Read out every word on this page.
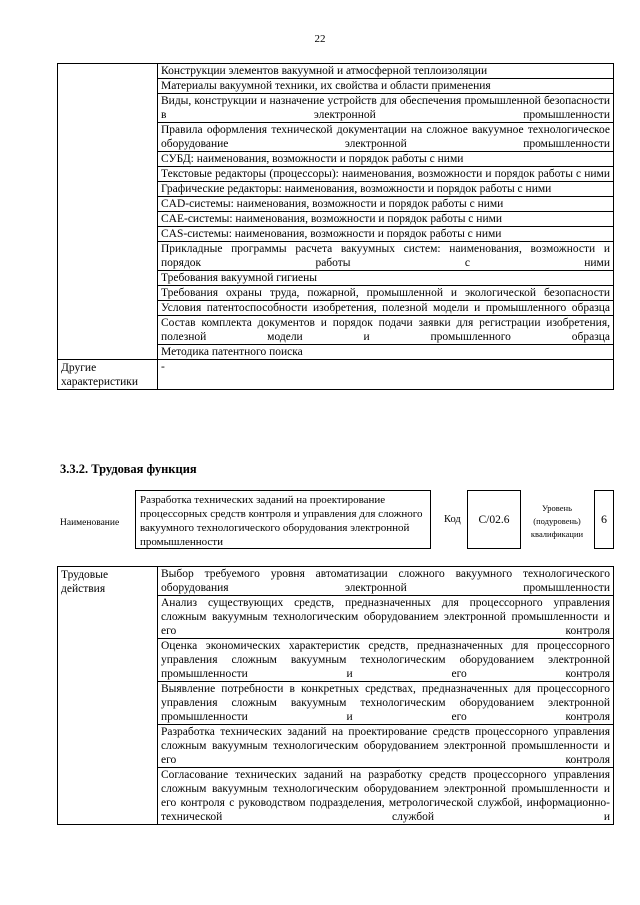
22
	Конструкции элементов вакуумной и атмосферной теплоизоляции
	Материалы вакуумной техники, их свойства и области применения
	Виды, конструкции и назначение устройств для обеспечения промышленной безопасности в электронной промышленности
	Правила оформления технической документации на сложное вакуумное технологическое оборудование электронной промышленности
	СУБД: наименования, возможности и порядок работы с ними
	Текстовые редакторы (процессоры): наименования, возможности и порядок работы с ними
	Графические редакторы: наименования, возможности и порядок работы с ними
	CAD-системы: наименования, возможности и порядок работы с ними
	CAE-системы: наименования, возможности и порядок работы с ними
	CAS-системы: наименования, возможности и порядок работы с ними
	Прикладные программы расчета вакуумных систем: наименования, возможности и порядок работы с ними
	Требования вакуумной гигиены
	Требования охраны труда, пожарной, промышленной и экологической безопасности
	Условия патентоспособности изобретения, полезной модели и промышленного образца
	Состав комплекта документов и порядок подачи заявки для регистрации изобретения, полезной модели и промышленного образца
	Методика патентного поиска
Другие характеристики	-
3.3.2. Трудовая функция
Наименование
Разработка технических заданий на проектирование процессорных средств контроля и управления для сложного вакуумного технологического оборудования электронной промышленности
Код	C/02.6
Уровень (подуровень) квалификации
6
Трудовые действия	Выбор требуемого уровня автоматизации сложного вакуумного технологического оборудования электронной промышленности
Анализ существующих средств, предназначенных для процессорного управления сложным вакуумным технологическим оборудованием электронной промышленности и его контроля
Оценка экономических характеристик средств, предназначенных для процессорного управления сложным вакуумным технологическим оборудованием электронной промышленности и его контроля
Выявление потребности в конкретных средствах, предназначенных для процессорного управления сложным вакуумным технологическим оборудованием электронной промышленности и его контроля
Разработка технических заданий на проектирование средств процессорного управления сложным вакуумным технологическим оборудованием электронной промышленности и его контроля
Согласование технических заданий на разработку средств процессорного управления сложным вакуумным технологическим оборудованием электронной промышленности и его контроля с руководством подразделения, метрологической службой, информационно-технической службой и
